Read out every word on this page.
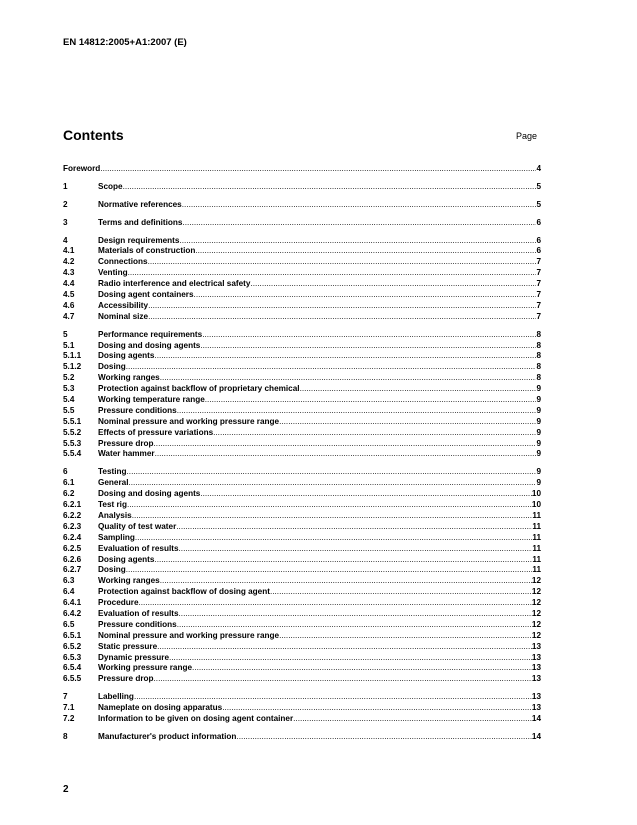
EN 14812:2005+A1:2007 (E)
Contents	Page
Foreword .....	4
1	Scope .....	5
2	Normative references .....	5
3	Terms and definitions .....	6
4	Design requirements .....	6
4.1	Materials of construction .....	6
4.2	Connections .....	7
4.3	Venting .....	7
4.4	Radio interference and electrical safety .....	7
4.5	Dosing agent containers .....	7
4.6	Accessibility .....	7
4.7	Nominal size .....	7
5	Performance requirements .....	8
5.1	Dosing and dosing agents .....	8
5.1.1 Dosing agents .....	8
5.1.2 Dosing .....	8
5.2	Working ranges .....	8
5.3	Protection against backflow of proprietary chemical .....	9
5.4	Working temperature range .....	9
5.5	Pressure conditions .....	9
5.5.1 Nominal pressure and working pressure range .....	9
5.5.2 Effects of pressure variations .....	9
5.5.3 Pressure drop .....	9
5.5.4 Water hammer .....	9
6	Testing .....	9
6.1	General .....	9
6.2	Dosing and dosing agents .....	10
6.2.1 Test rig .....	10
6.2.2 Analysis .....	11
6.2.3 Quality of test water .....	11
6.2.4 Sampling .....	11
6.2.5 Evaluation of results .....	11
6.2.6 Dosing agents .....	11
6.2.7 Dosing .....	11
6.3	Working ranges .....	12
6.4	Protection against backflow of dosing agent .....	12
6.4.1 Procedure .....	12
6.4.2 Evaluation of results .....	12
6.5	Pressure conditions .....	12
6.5.1 Nominal pressure and working pressure range .....	12
6.5.2 Static pressure .....	13
6.5.3 Dynamic pressure .....	13
6.5.4 Working pressure range .....	13
6.5.5 Pressure drop .....	13
7	Labelling .....	13
7.1	Nameplate on dosing apparatus .....	13
7.2	Information to be given on dosing agent container .....	14
8	Manufacturer's product information .....	14
2
